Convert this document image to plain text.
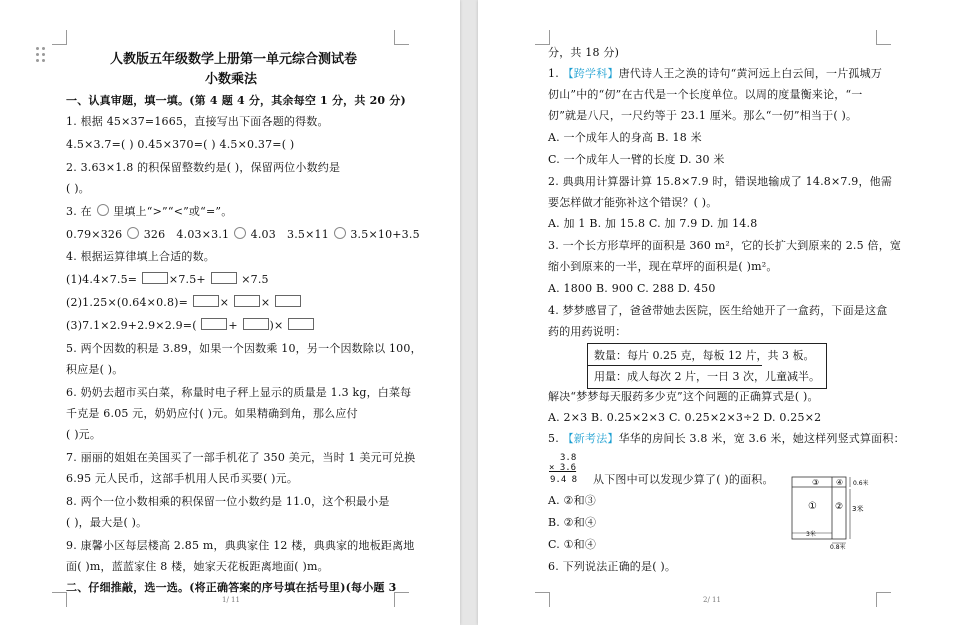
人教版五年级数学上册第一单元综合测试卷
小数乘法
一、认真审题，填一填。(第 4 题 4 分，其余每空 1 分，共 20 分)
1. 根据 45×37=1665，直接写出下面各题的得数。
4.5×3.7=( ) 0.45×370=( ) 4.5×0.37=( )
2. 3.63×1.8 的积保留整数约是( )，保留两位小数约是
( )。
3. 在 里填上“>”“<”或“=”。
0.79×326 326 4.03×3.1 4.03 3.5×11 3.5×10+3.5
4. 根据运算律填上合适的数。
(1)4.4×7.5=	×7.5+	×7.5
(2)1.25×(0.64×0.8)=	×	×
(3)7.1×2.9+2.9×2.9=(	+	)×
5. 两个因数的积是 3.89，如果一个因数乘 10，另一个因数除以 100，
积应是( )。
6. 奶奶去超市买白菜，称量时电子秤上显示的质量是 1.3 kg，白菜每
千克是 6.05 元，奶奶应付( )元。如果精确到角，那么应付
( )元。
7. 丽丽的姐姐在美国买了一部手机花了 350 美元，当时 1 美元可兑换
6.95 元人民币，这部手机用人民币买要( )元。
8. 两个一位小数相乘的积保留一位小数约是 11.0，这个积最小是
( )，最大是( )。
9. 康馨小区每层楼高 2.85 m，典典家住 12 楼，典典家的地板距离地
面( )m，蓝蓝家住 8 楼，她家天花板距离地面( )m。
二、仔细推敲，选一选。(将正确答案的序号填在括号里)(每小题 3
1/ 11
分，共 18 分)
1. 【跨学科】唐代诗人王之涣的诗句“黄河远上白云间，一片孤城万
仞山”中的“仞”在古代是一个长度单位。以周的度量衡来论，“一
仞”就是八尺，一尺约等于 23.1 厘米。那么“一仞”相当于( )。
A. 一个成年人的身高 B. 18 米
C. 一个成年人一臂的长度 D. 30 米
2. 典典用计算器计算 15.8×7.9 时，错误地输成了 14.8×7.9，他需
要怎样做才能弥补这个错误？( )。
A. 加 1 B. 加 15.8 C. 加 7.9 D. 加 14.8
3. 一个长方形草坪的面积是 360 m²，它的长扩大到原来的 2.5 倍，宽
缩小到原来的一半，现在草坪的面积是( )m²。
A. 1800 B. 900 C. 288 D. 450
4. 梦梦感冒了，爸爸带她去医院，医生给她开了一盒药，下面是这盒
药的用药说明：
数量：每片 0.25 克，每板 12 片，共 3 板。
用量：成人每次 2 片，一日 3 次，儿童减半。
解决“梦梦每天服药多少克”这个问题的正确算式是( )。
A. 2×3 B. 0.25×2×3 C. 0.25×2×3÷2 D. 0.25×2
5. 【新考法】华华的房间长 3.8 米，宽 3.6 米，她这样列竖式算面积：
3.8
× 3.6
9.4 8 从下图中可以发现少算了( )的面积。
A. ②和③
B. ②和④
C. ①和④
6. 下列说法正确的是( )。
③ ④
① ②
0.6米
3米
3米
0.8米
2/ 11
